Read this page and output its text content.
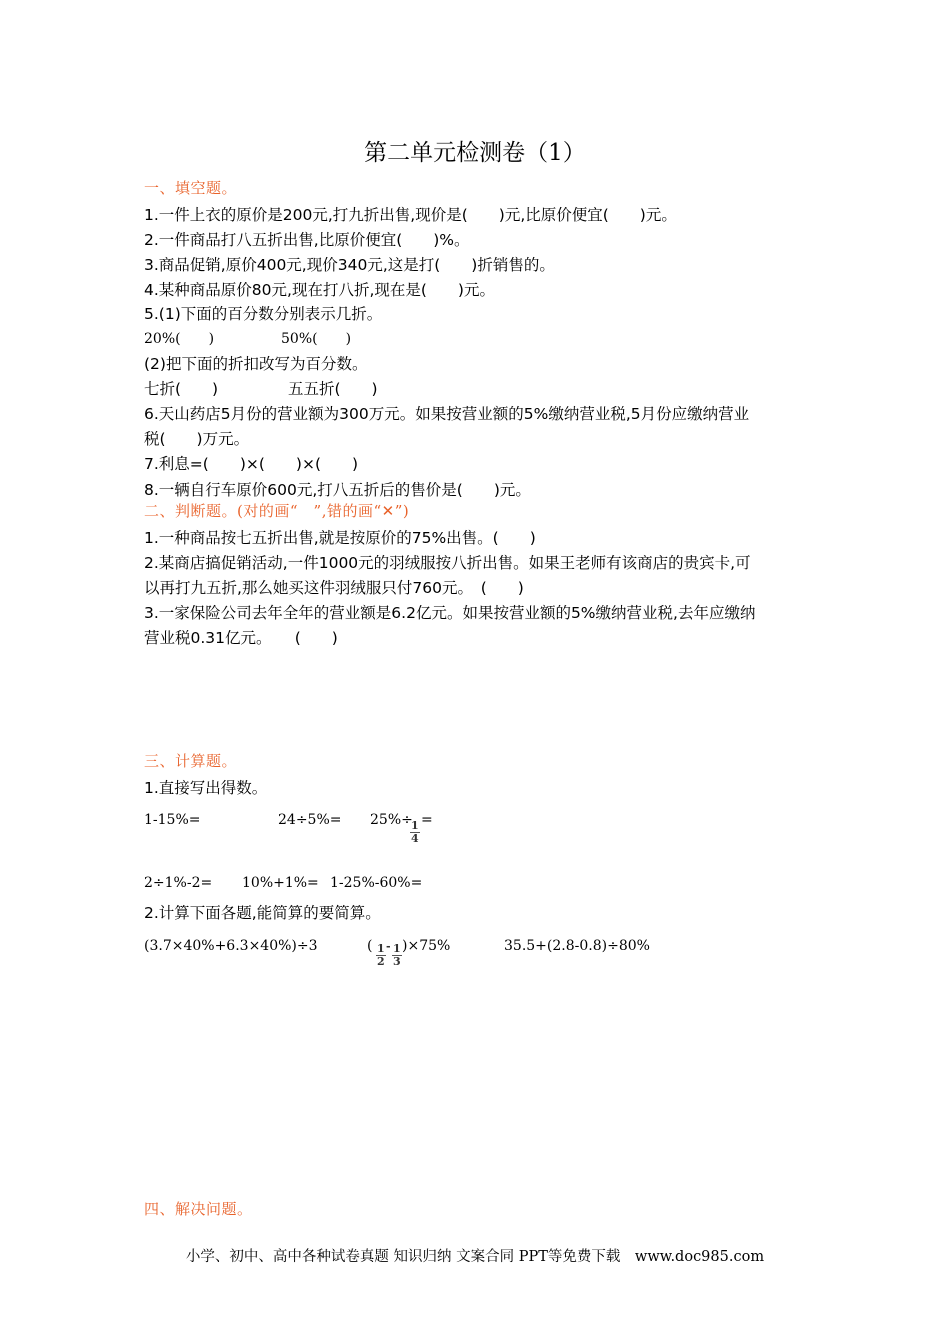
第二单元检测卷（1）
一、填空题。
1.一件上衣的原价是200元,打九折出售,现价是(　　)元,比原价便宜(　　)元。
2.一件商品打八五折出售,比原价便宜(　　)%。
3.商品促销,原价400元,现价340元,这是打(　　)折销售的。
4.某种商品原价80元,现在打八折,现在是(　　)元。
5.(1)下面的百分数分别表示几折。
20%(　　)	50%(　　)
(2)把下面的折扣改写为百分数。
七折(　　)	五五折(　　)
6.天山药店5月份的营业额为300万元。如果按营业额的5%缴纳营业税,5月份应缴纳营业
税(　　)万元。
7.利息=(　　)×(　　)×(　　)
8.一辆自行车原价600元,打八五折后的售价是(　　)元。
二、判断题。(对的画“　”,错的画“✕”)
1.一种商品按七五折出售,就是按原价的75%出售。(　　)
2.某商店搞促销活动,一件1000元的羽绒服按八折出售。如果王老师有该商店的贵宾卡,可
以再打九五折,那么她买这件羽绒服只付760元。　(　　)
3.一家保险公司去年全年的营业额是6.2亿元。如果按营业额的5%缴纳营业税,去年应缴纳
营业税0.31亿元。　　(　　)
三、计算题。
1.直接写出得数。
1-15%=	24÷5%= 25%÷
$\frac{1}{4}$ =
2÷1%-2= 10%+1%= 1-25%-60%=
2.计算下面各题,能简算的要简算。
(3.7×40%+6.3×40%)÷3	( $\frac{1}{2} - \frac{1}{3} )\times 75\%$	35.5+(2.8-0.8)÷80%
四、解决问题。
小学、初中、高中各种试卷真题 知识归纳 文案合同 PPT等免费下载　www.doc985.com
